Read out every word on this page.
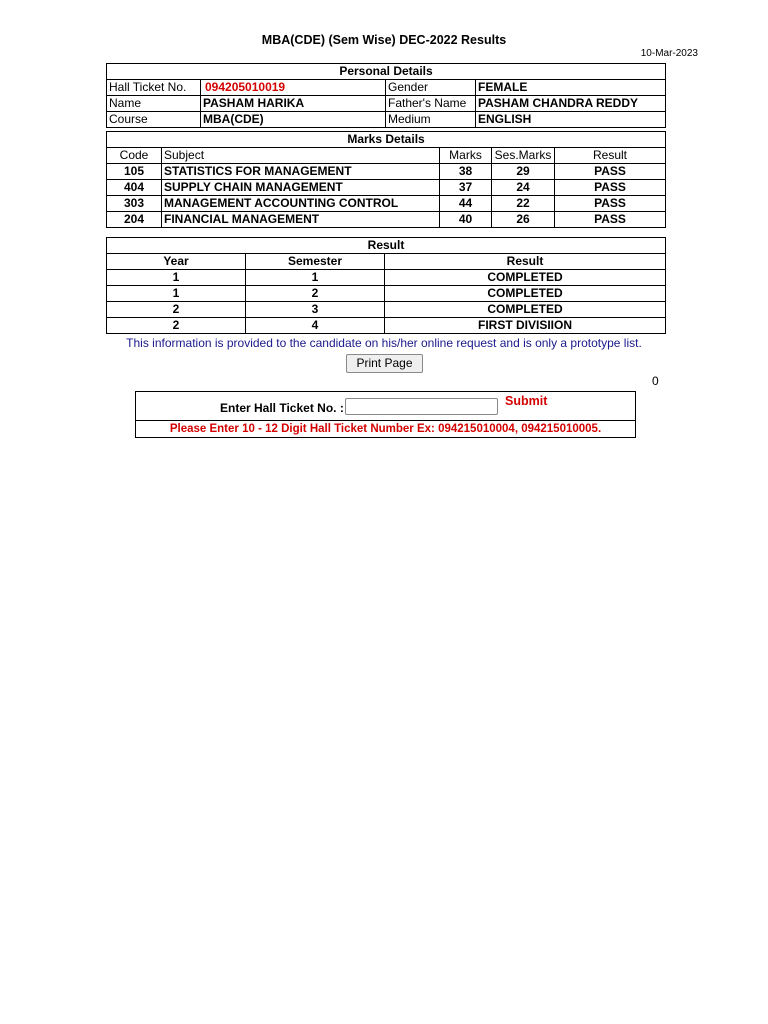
MBA(CDE) (Sem Wise) DEC-2022 Results
10-Mar-2023
Personal Details			
Hall Ticket No.	094205010019	Gender	FEMALE
Name	PASHAM HARIKA	Father's Name	PASHAM CHANDRA REDDY
Course	MBA(CDE)	Medium	ENGLISH
Marks Details				
Code	Subject	Marks	Ses.Marks	Result
105	STATISTICS FOR MANAGEMENT	38	29	PASS
404	SUPPLY CHAIN MANAGEMENT	37	24	PASS
303	MANAGEMENT ACCOUNTING CONTROL	44	22	PASS
204	FINANCIAL MANAGEMENT	40	26	PASS
Result		
Year	Semester	Result
1	1	COMPLETED
1	2	COMPLETED
2	3	COMPLETED
2	4	FIRST DIVISIION
This information is provided to the candidate on his/her online request and is only a prototype list.
Print Page
0
Enter Hall Ticket No. :	Submit
Please Enter 10 - 12 Digit Hall Ticket Number Ex: 094215010004, 094215010005.
